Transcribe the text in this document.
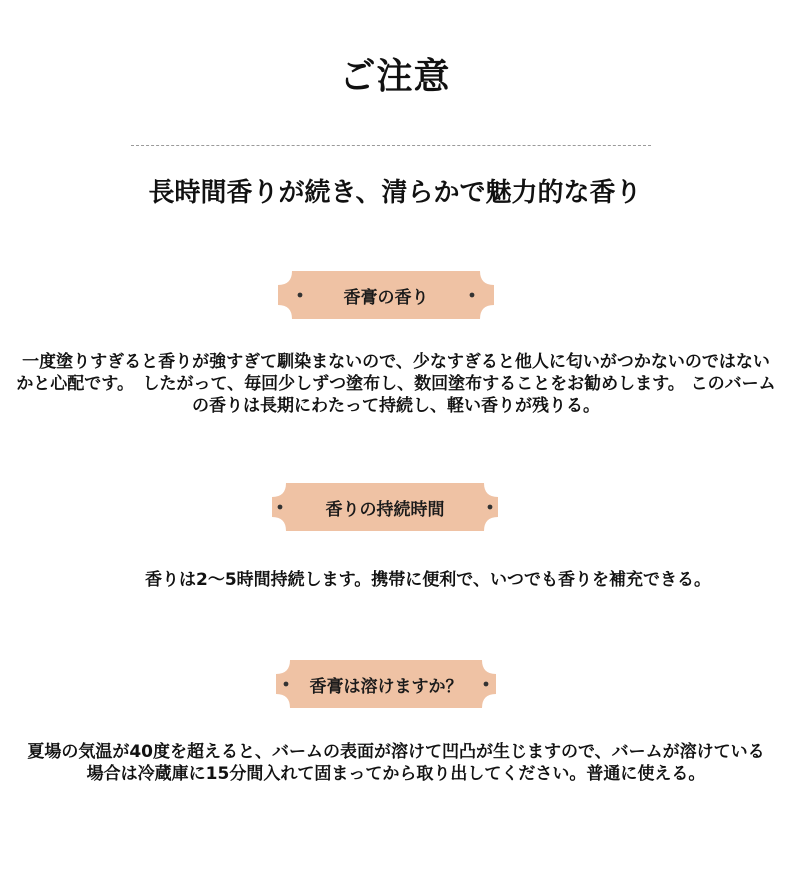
ご注意
長時間香りが続き、清らかで魅力的な香り
香膏の香り
一度塗りすぎると香りが強すぎて馴染まないので、少なすぎると他人に匂いがつかないのではないかと心配です。　したがって、毎回少しずつ塗布し、数回塗布することをお勧めします。 このバームの香りは長期にわたって持続し、軽い香りが残りる。
香りの持続時間
香りは2～5時間持続します。携帯に便利で、いつでも香りを補充できる。
香膏は溶けますか？
夏場の気温が40度を超えると、バームの表面が溶けて凹凸が生じますので、バームが溶けている場合は冷蔵庫に15分間入れて固まってから取り出してください。普通に使える。
